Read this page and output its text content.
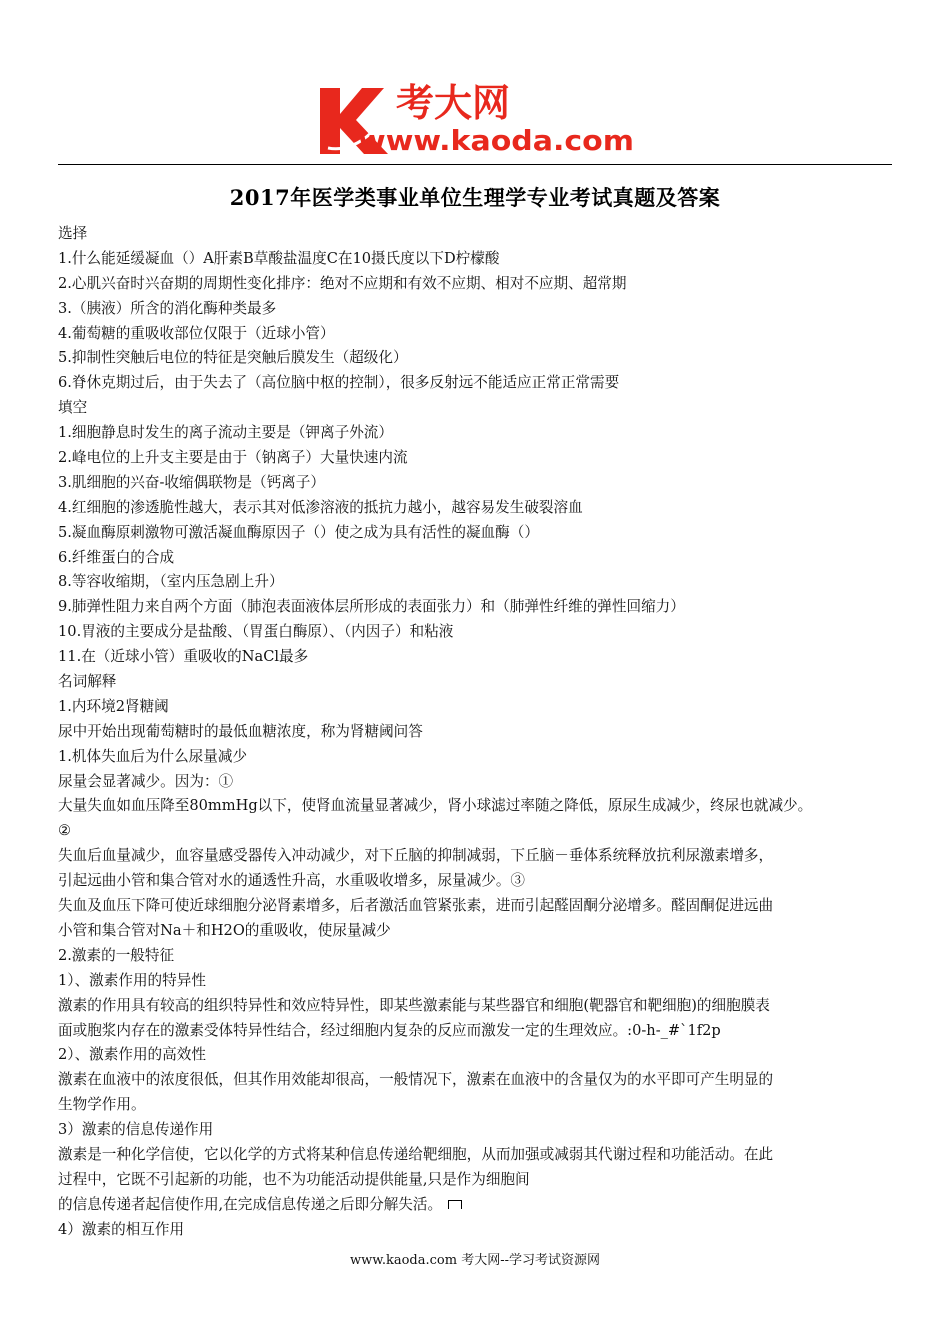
考大网
www.kaoda.com
2017年医学类事业单位生理学专业考试真题及答案
选择
1.什么能延缓凝血（）A肝素B草酸盐温度C在10摄氏度以下D柠檬酸
2.心肌兴奋时兴奋期的周期性变化排序：绝对不应期和有效不应期、相对不应期、超常期
3.（胰液）所含的消化酶种类最多
4.葡萄糖的重吸收部位仅限于（近球小管）
5.抑制性突触后电位的特征是突触后膜发生（超级化）
6.脊休克期过后，由于失去了（高位脑中枢的控制），很多反射远不能适应正常正常需要
填空
1.细胞静息时发生的离子流动主要是（钾离子外流）
2.峰电位的上升支主要是由于（钠离子）大量快速内流
3.肌细胞的兴奋-收缩偶联物是（钙离子）
4.红细胞的渗透脆性越大，表示其对低渗溶液的抵抗力越小，越容易发生破裂溶血
5.凝血酶原刺激物可激活凝血酶原因子（）使之成为具有活性的凝血酶（）
6.纤维蛋白的合成
8.等容收缩期，（室内压急剧上升）
9.肺弹性阻力来自两个方面（肺泡表面液体层所形成的表面张力）和（肺弹性纤维的弹性回缩力）
10.胃液的主要成分是盐酸、（胃蛋白酶原）、（内因子）和粘液
11.在（近球小管）重吸收的NaCl最多
名词解释
1.内环境2肾糖阈
尿中开始出现葡萄糖时的最低血糖浓度，称为肾糖阈问答
1.机体失血后为什么尿量减少
尿量会显著减少。因为：①
大量失血如血压降至80mmHg以下，使肾血流量显著减少，肾小球滤过率随之降低，原尿生成减少，终尿也就减少。
②
失血后血量减少，血容量感受器传入冲动减少，对下丘脑的抑制减弱，下丘脑－垂体系统释放抗利尿激素增多，
引起远曲小管和集合管对水的通透性升高，水重吸收增多，尿量减少。③
失血及血压下降可使近球细胞分泌肾素增多，后者激活血管紧张素，进而引起醛固酮分泌增多。醛固酮促进远曲
小管和集合管对Na＋和H2O的重吸收，使尿量减少
2.激素的一般特征
1）、激素作用的特异性
激素的作用具有较高的组织特异性和效应特异性，即某些激素能与某些器官和细胞(靶器官和靶细胞)的细胞膜表
面或胞浆内存在的激素受体特异性结合，经过细胞内复杂的反应而激发一定的生理效应。:0-h-_#`1f2p
2）、激素作用的高效性
激素在血液中的浓度很低，但其作用效能却很高，一般情况下，激素在血液中的含量仅为的水平即可产生明显的
生物学作用。
3）激素的信息传递作用
激素是一种化学信使，它以化学的方式将某种信息传递给靶细胞，从而加强或减弱其代谢过程和功能活动。在此
过程中，它既不引起新的功能，也不为功能活动提供能量,只是作为细胞间
的信息传递者起信使作用,在完成信息传递之后即分解失活。
4）激素的相互作用
www.kaoda.com 考大网--学习考试资源网
